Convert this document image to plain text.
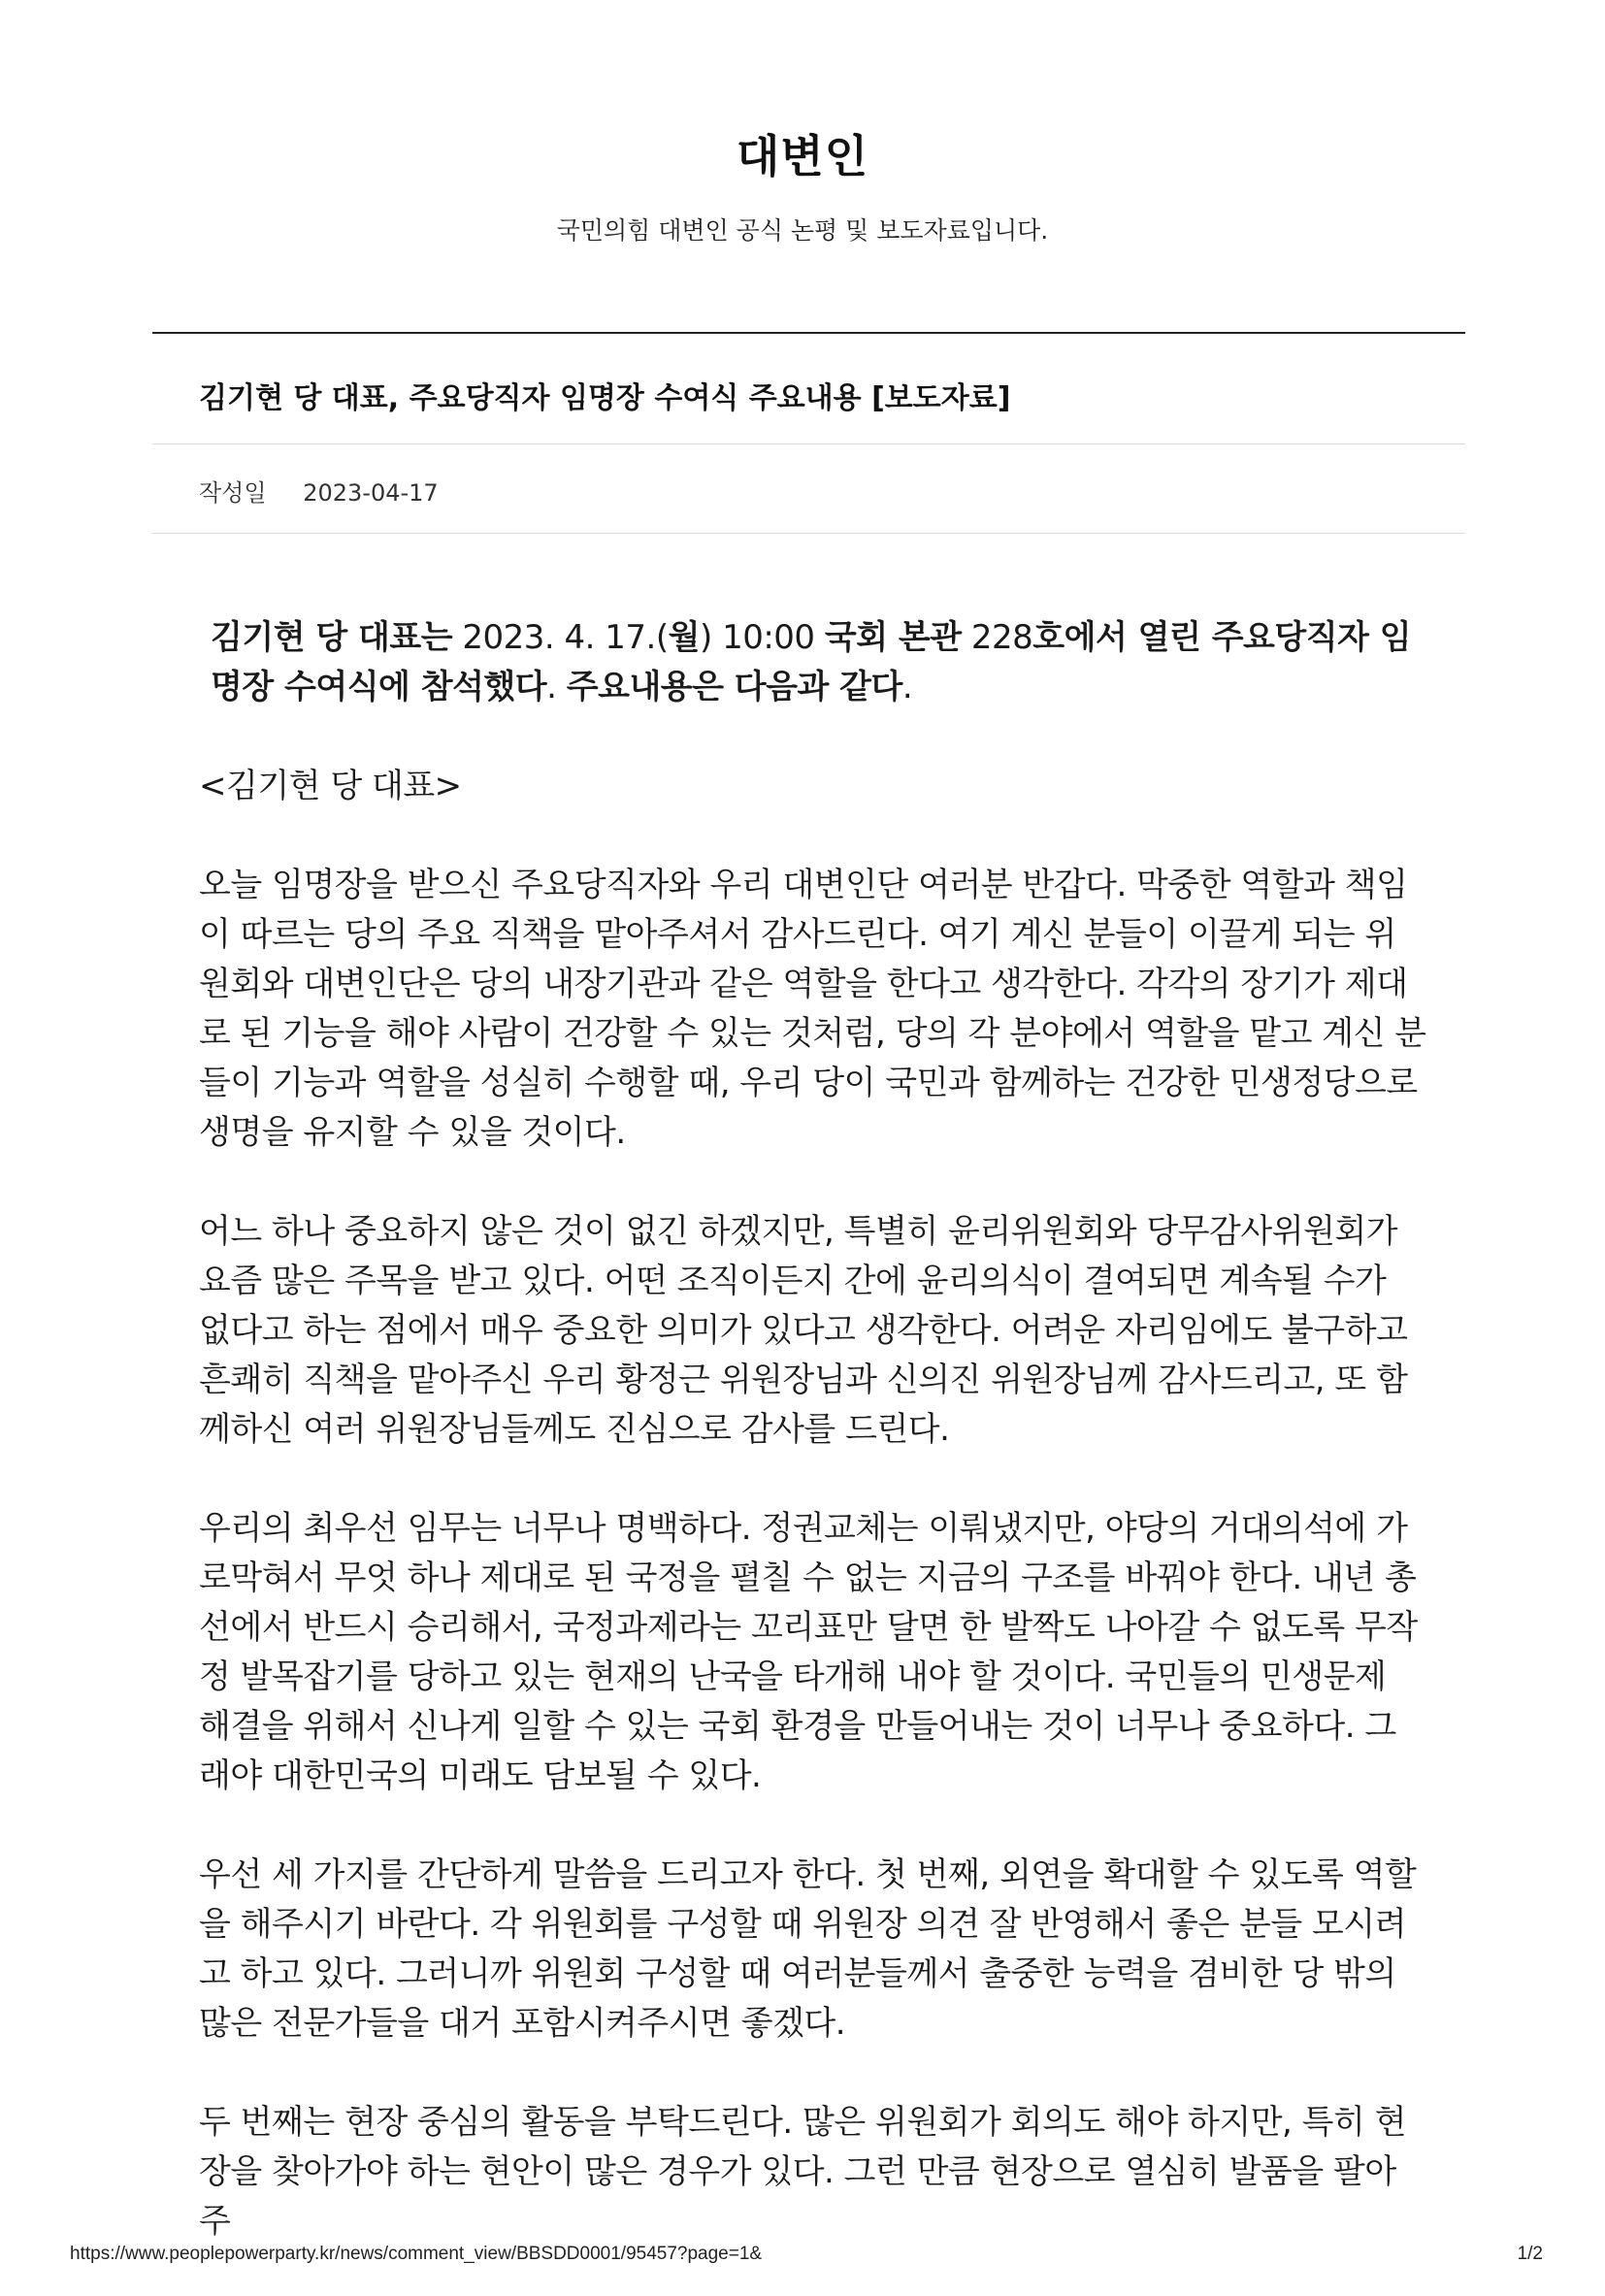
대변인
국민의힘 대변인 공식 논평 및 보도자료입니다.
김기현 당 대표, 주요당직자 임명장 수여식 주요내용 [보도자료]
작성일 2023-04-17

김기현 당 대표는 2023. 4. 17.(월) 10:00 국회 본관 228호에서 열린 주요당직자 임명장 수여식에 참석했다. 주요내용은 다음과 같다.

<김기현 당 대표>

오늘 임명장을 받으신 주요당직자와 우리 대변인단 여러분 반갑다. 막중한 역할과 책임이 따르는 당의 주요 직책을 맡아주셔서 감사드린다. 여기 계신 분들이 이끌게 되는 위원회와 대변인단은 당의 내장기관과 같은 역할을 한다고 생각한다. 각각의 장기가 제대로 된 기능을 해야 사람이 건강할 수 있는 것처럼, 당의 각 분야에서 역할을 맡고 계신 분들이 기능과 역할을 성실히 수행할 때, 우리 당이 국민과 함께하는 건강한 민생정당으로 생명을 유지할 수 있을 것이다.

어느 하나 중요하지 않은 것이 없긴 하겠지만, 특별히 윤리위원회와 당무감사위원회가 요즘 많은 주목을 받고 있다. 어떤 조직이든지 간에 윤리의식이 결여되면 계속될 수가 없다고 하는 점에서 매우 중요한 의미가 있다고 생각한다. 어려운 자리임에도 불구하고 흔쾌히 직책을 맡아주신 우리 황정근 위원장님과 신의진 위원장님께 감사드리고, 또 함께하신 여러 위원장님들께도 진심으로 감사를 드린다.

우리의 최우선 임무는 너무나 명백하다. 정권교체는 이뤄냈지만, 야당의 거대의석에 가로막혀서 무엇 하나 제대로 된 국정을 펼칠 수 없는 지금의 구조를 바꿔야 한다. 내년 총선에서 반드시 승리해서, 국정과제라는 꼬리표만 달면 한 발짝도 나아갈 수 없도록 무작정 발목잡기를 당하고 있는 현재의 난국을 타개해 내야 할 것이다. 국민들의 민생문제 해결을 위해서 신나게 일할 수 있는 국회 환경을 만들어내는 것이 너무나 중요하다. 그래야 대한민국의 미래도 담보될 수 있다.

우선 세 가지를 간단하게 말씀을 드리고자 한다. 첫 번째, 외연을 확대할 수 있도록 역할을 해주시기 바란다. 각 위원회를 구성할 때 위원장 의견 잘 반영해서 좋은 분들 모시려고 하고 있다. 그러니까 위원회 구성할 때 여러분들께서 출중한 능력을 겸비한 당 밖의 많은 전문가들을 대거 포함시켜주시면 좋겠다.

두 번째는 현장 중심의 활동을 부탁드린다. 많은 위원회가 회의도 해야 하지만, 특히 현장을 찾아가야 하는 현안이 많은 경우가 있다. 그런 만큼 현장으로 열심히 발품을 팔아주

https://www.peoplepowerparty.kr/news/comment_view/BBSDD0001/95457?page=1&	1/2
